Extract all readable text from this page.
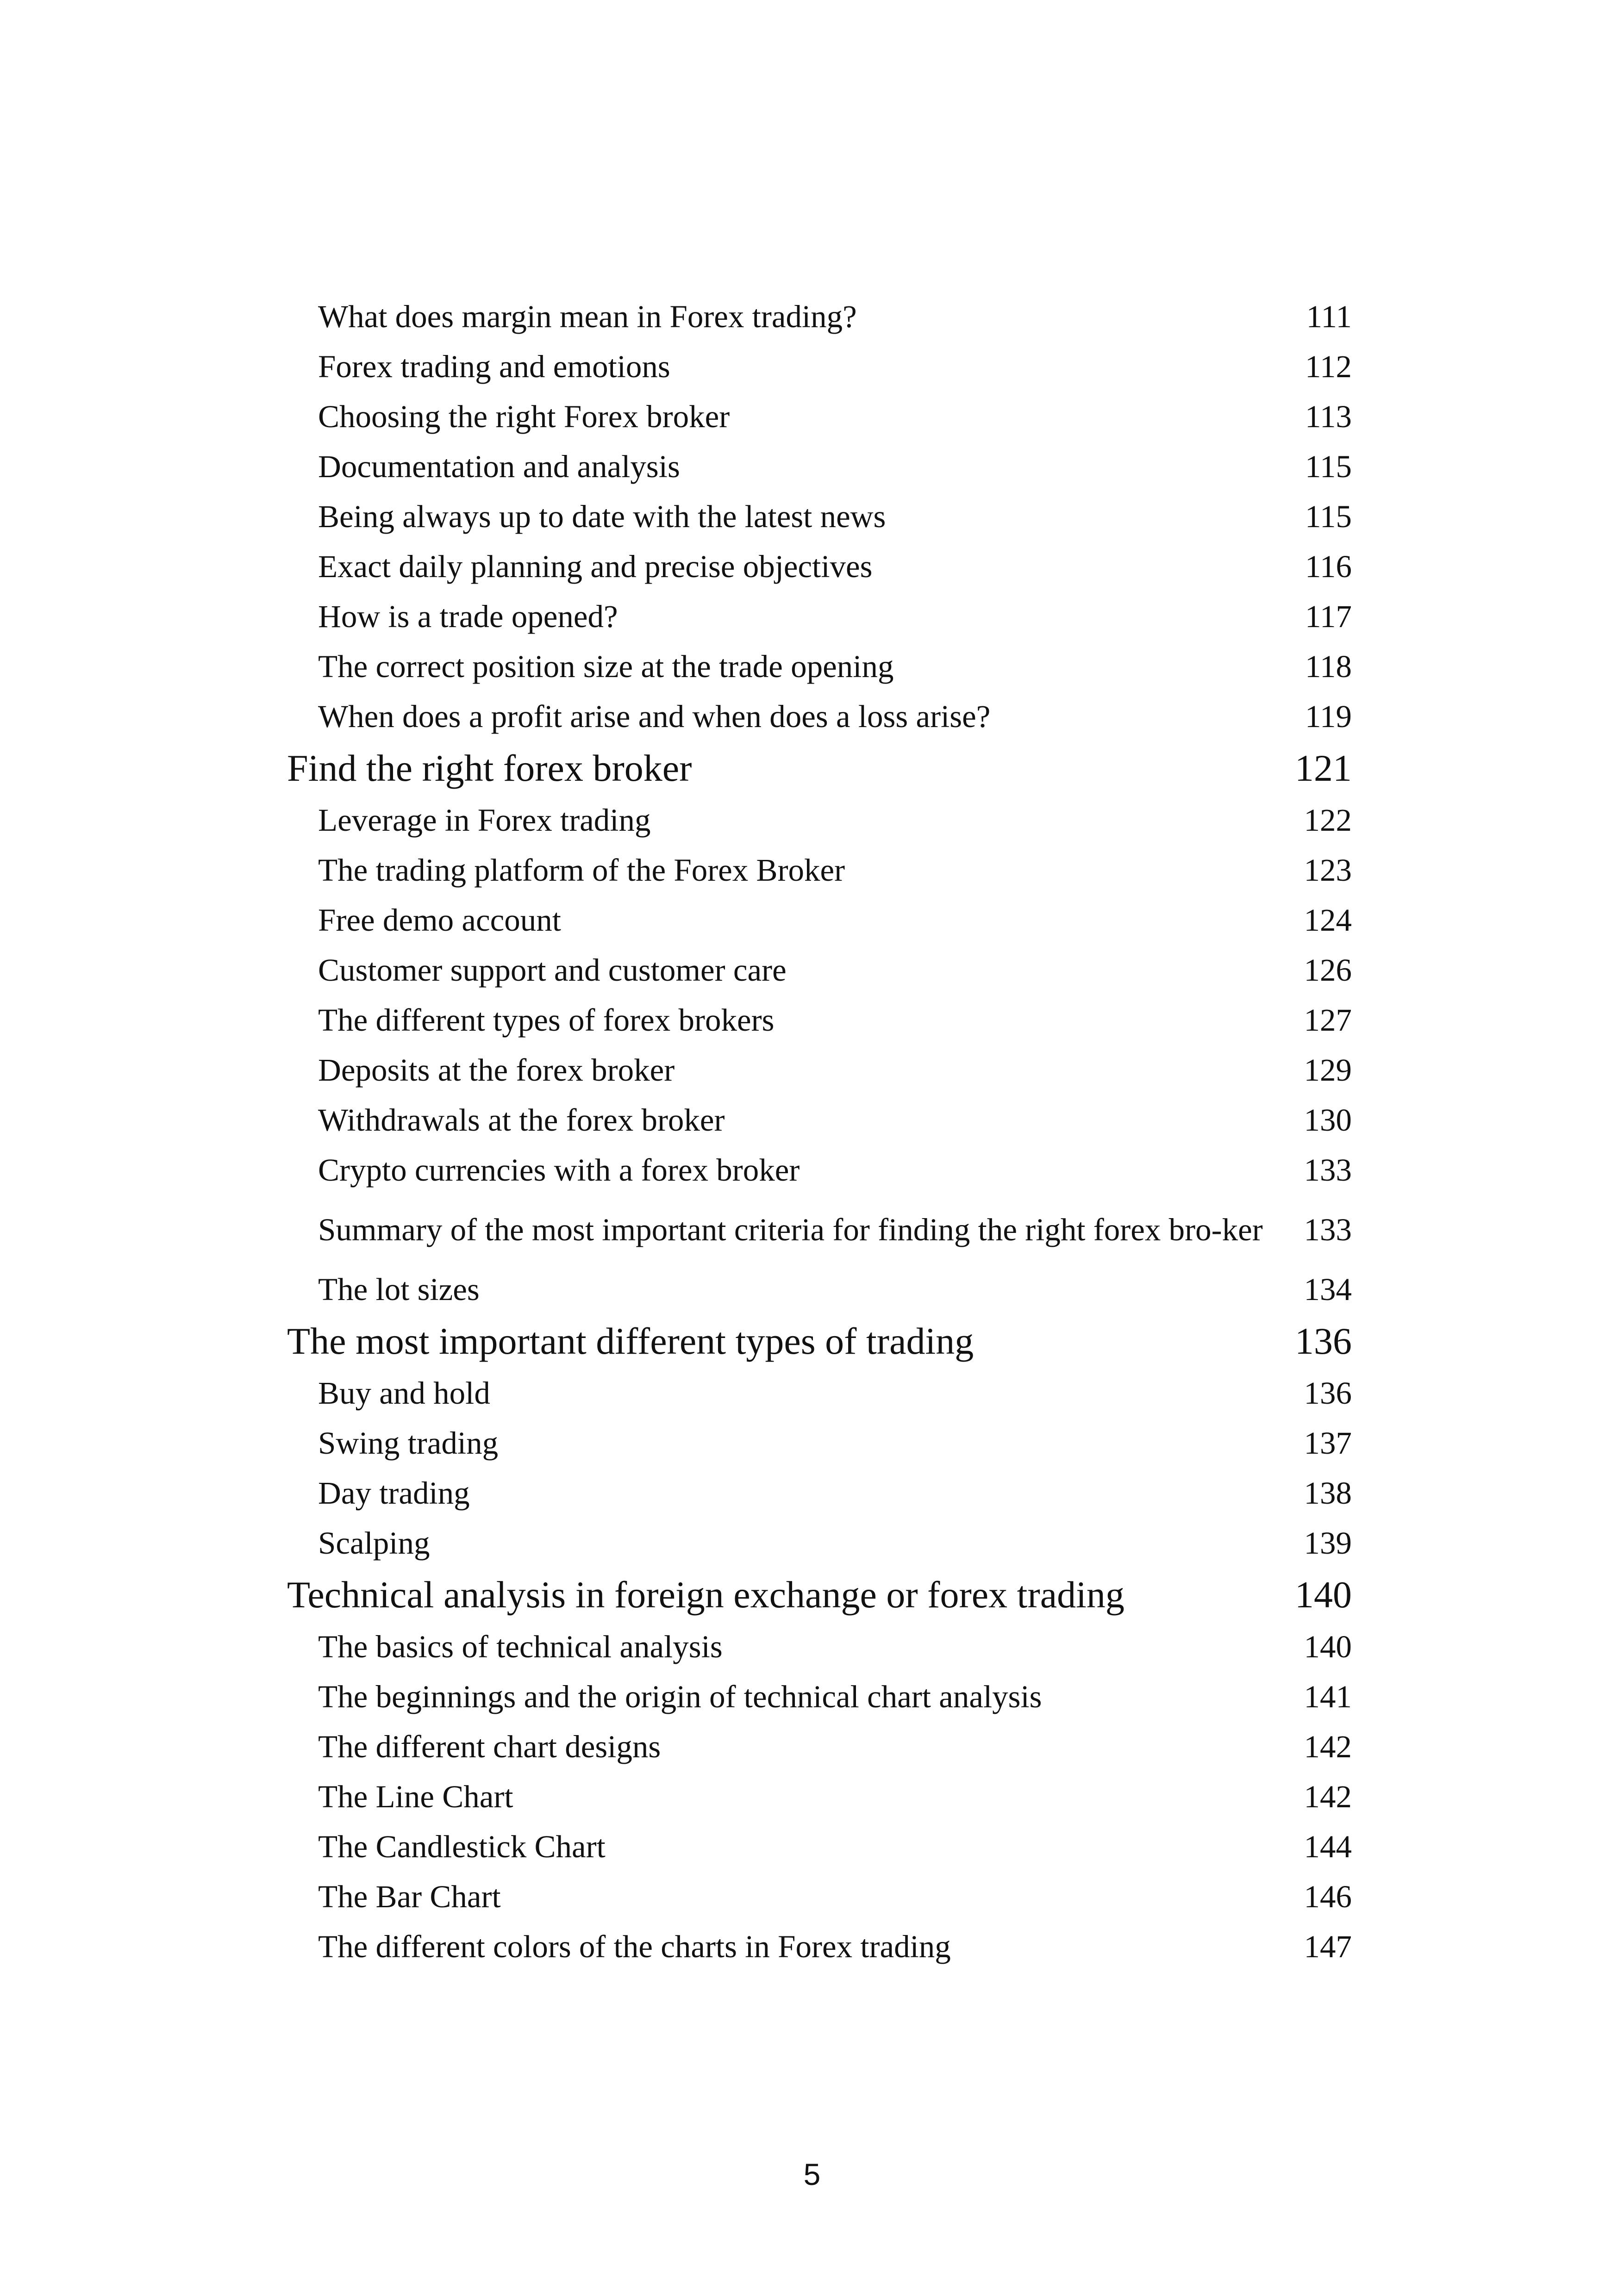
What does margin mean in Forex trading?	111
Forex trading and emotions	112
Choosing the right Forex broker	113
Documentation and analysis	115
Being always up to date with the latest news	115
Exact daily planning and precise objectives	116
How is a trade opened?	117
The correct position size at the trade opening	118
When does a profit arise and when does a loss arise?	119
Find the right forex broker	121
Leverage in Forex trading	122
The trading platform of the Forex Broker	123
Free demo account	124
Customer support and customer care	126
The different types of forex brokers	127
Deposits at the forex broker	129
Withdrawals at the forex broker	130
Crypto currencies with a forex broker	133
Summary of the most important criteria for finding the right forex bro-ker	133
The lot sizes	134
The most important different types of trading	136
Buy and hold	136
Swing trading	137
Day trading	138
Scalping	139
Technical analysis in foreign exchange or forex trading	140
The basics of technical analysis	140
The beginnings and the origin of technical chart analysis	141
The different chart designs	142
The Line Chart	142
The Candlestick Chart	144
The Bar Chart	146
The different colors of the charts in Forex trading	147
5
